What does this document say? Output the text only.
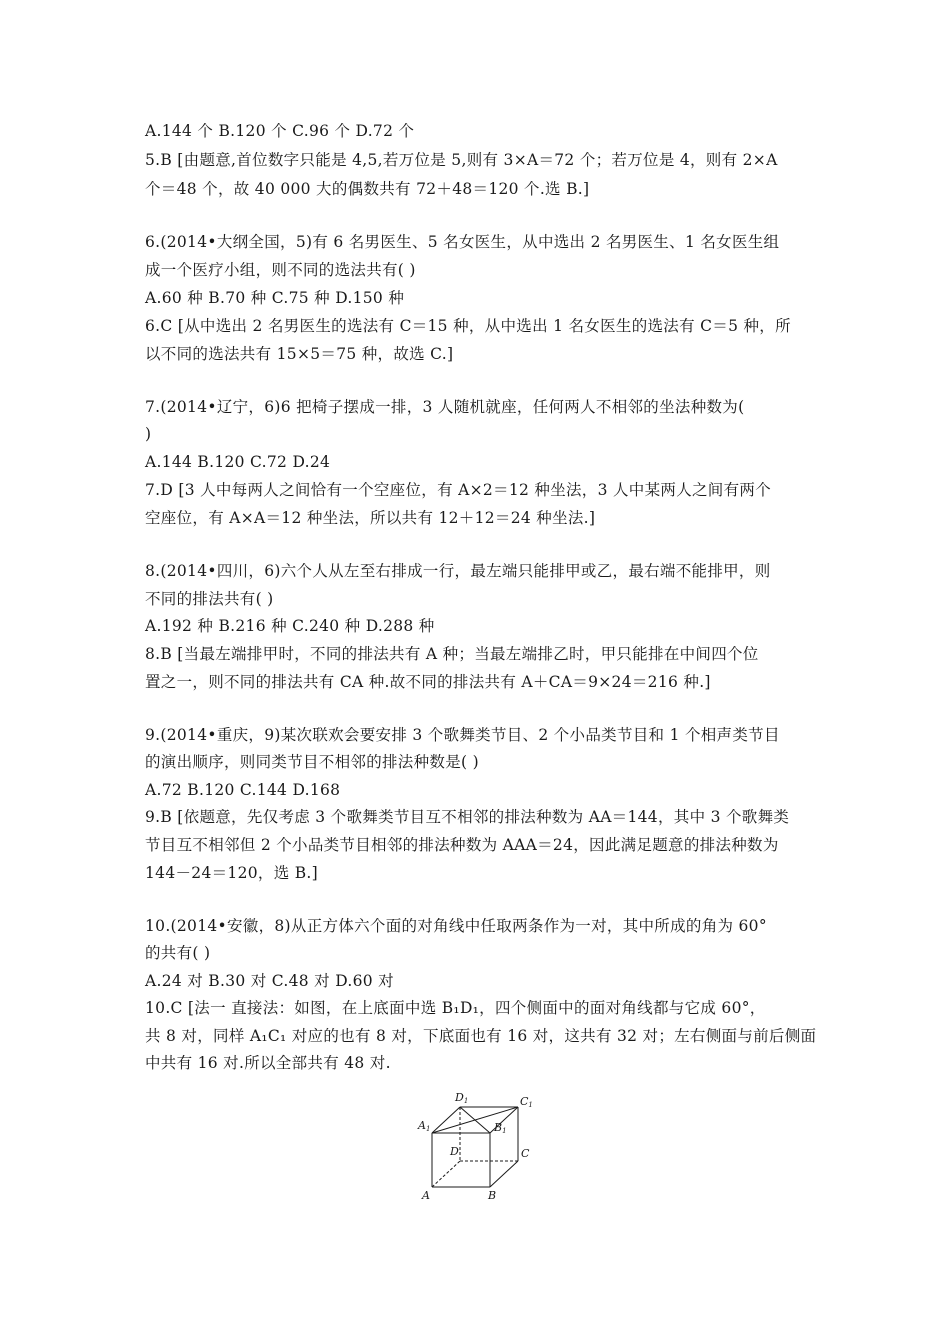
A.144 个 B.120 个 C.96 个 D.72 个
5.B [由题意,首位数字只能是 4,5,若万位是 5,则有 3×A＝72 个；若万位是 4，则有 2×A
个＝48 个，故 40 000 大的偶数共有 72＋48＝120 个.选 B.]
6.(2014•大纲全国，5)有 6 名男医生、5 名女医生，从中选出 2 名男医生、1 名女医生组
成一个医疗小组，则不同的选法共有( )
A.60 种 B.70 种 C.75 种 D.150 种
6.C [从中选出 2 名男医生的选法有 C＝15 种，从中选出 1 名女医生的选法有 C＝5 种，所
以不同的选法共有 15×5＝75 种，故选 C.]
7.(2014•辽宁，6)6 把椅子摆成一排，3 人随机就座，任何两人不相邻的坐法种数为(
)
A.144 B.120 C.72 D.24
7.D [3 人中每两人之间恰有一个空座位，有 A×2＝12 种坐法，3 人中某两人之间有两个
空座位，有 A×A＝12 种坐法，所以共有 12＋12＝24 种坐法.]
8.(2014•四川，6)六个人从左至右排成一行，最左端只能排甲或乙，最右端不能排甲，则
不同的排法共有( )
A.192 种 B.216 种 C.240 种 D.288 种
8.B [当最左端排甲时，不同的排法共有 A 种；当最左端排乙时，甲只能排在中间四个位
置之一，则不同的排法共有 CA 种.故不同的排法共有 A＋CA＝9×24＝216 种.]
9.(2014•重庆，9)某次联欢会要安排 3 个歌舞类节目、2 个小品类节目和 1 个相声类节目
的演出顺序，则同类节目不相邻的排法种数是( )
A.72 B.120 C.144 D.168
9.B [依题意，先仅考虑 3 个歌舞类节目互不相邻的排法种数为 AA＝144，其中 3 个歌舞类
节目互不相邻但 2 个小品类节目相邻的排法种数为 AAA＝24，因此满足题意的排法种数为
144－24＝120，选 B.]
10.(2014•安徽，8)从正方体六个面的对角线中任取两条作为一对，其中所成的角为 60°
的共有( )
A.24 对 B.30 对 C.48 对 D.60 对
10.C [法一 直接法：如图，在上底面中选 B₁D₁，四个侧面中的面对角线都与它成 60°，
共 8 对，同样 A₁C₁ 对应的也有 8 对，下底面也有 16 对，这共有 32 对；左右侧面与前后侧面
中共有 16 对.所以全部共有 48 对.
D1	C1
A1	B1
D	C
A	B
